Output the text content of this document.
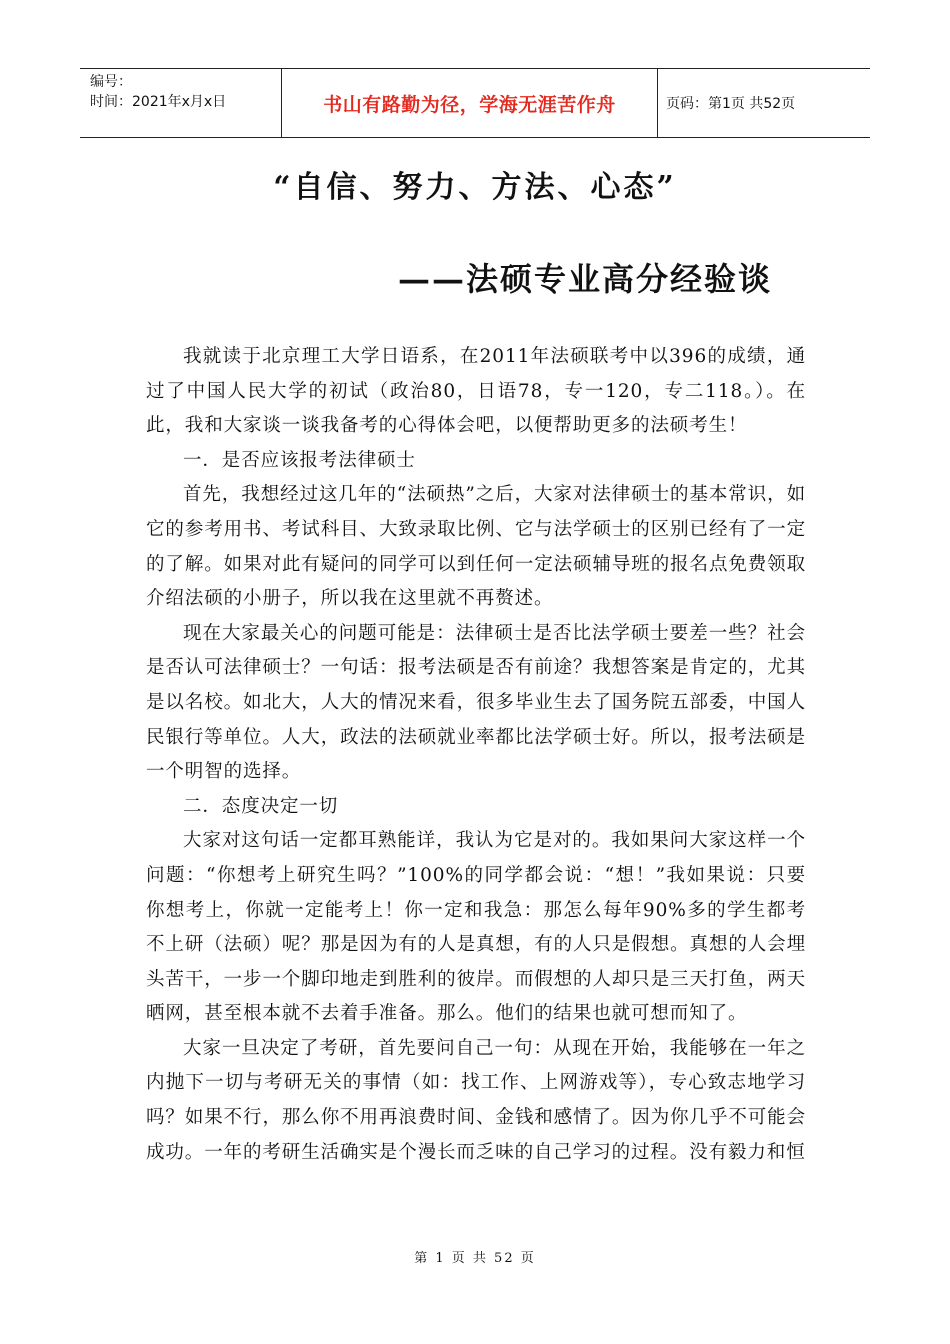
编号：
时间：2021年x月x日	书山有路勤为径，学海无涯苦作舟	页码：第1页 共52页
“自信、努力、方法、心态”
——法硕专业高分经验谈

我就读于北京理工大学日语系，在2011年法硕联考中以396的成绩，通过了中国人民大学的初试（政治80，日语78，专一120，专二118。）。在此，我和大家谈一谈我备考的心得体会吧，以便帮助更多的法硕考生！

一．是否应该报考法律硕士

首先，我想经过这几年的“法硕热”之后，大家对法律硕士的基本常识，如它的参考用书、考试科目、大致录取比例、它与法学硕士的区别已经有了一定的了解。如果对此有疑问的同学可以到任何一定法硕辅导班的报名点免费领取介绍法硕的小册子，所以我在这里就不再赘述。

现在大家最关心的问题可能是：法律硕士是否比法学硕士要差一些？社会是否认可法律硕士？一句话：报考法硕是否有前途？我想答案是肯定的，尤其是以名校。如北大，人大的情况来看，很多毕业生去了国务院五部委，中国人民银行等单位。人大，政法的法硕就业率都比法学硕士好。所以，报考法硕是一个明智的选择。

二．态度决定一切

大家对这句话一定都耳熟能详，我认为它是对的。我如果问大家这样一个问题：“你想考上研究生吗？”100%的同学都会说：“想！”我如果说：只要你想考上，你就一定能考上！你一定和我急：那怎么每年90%多的学生都考不上研（法硕）呢？那是因为有的人是真想，有的人只是假想。真想的人会埋头苦干，一步一个脚印地走到胜利的彼岸。而假想的人却只是三天打鱼，两天晒网，甚至根本就不去着手准备。那么。他们的结果也就可想而知了。

大家一旦决定了考研，首先要问自己一句：从现在开始，我能够在一年之内抛下一切与考研无关的事情（如：找工作、上网游戏等），专心致志地学习吗？如果不行，那么你不用再浪费时间、金钱和感情了。因为你几乎不可能会成功。一年的考研生活确实是个漫长而乏味的自己学习的过程。没有毅力和恒

第 1 页 共 52 页
